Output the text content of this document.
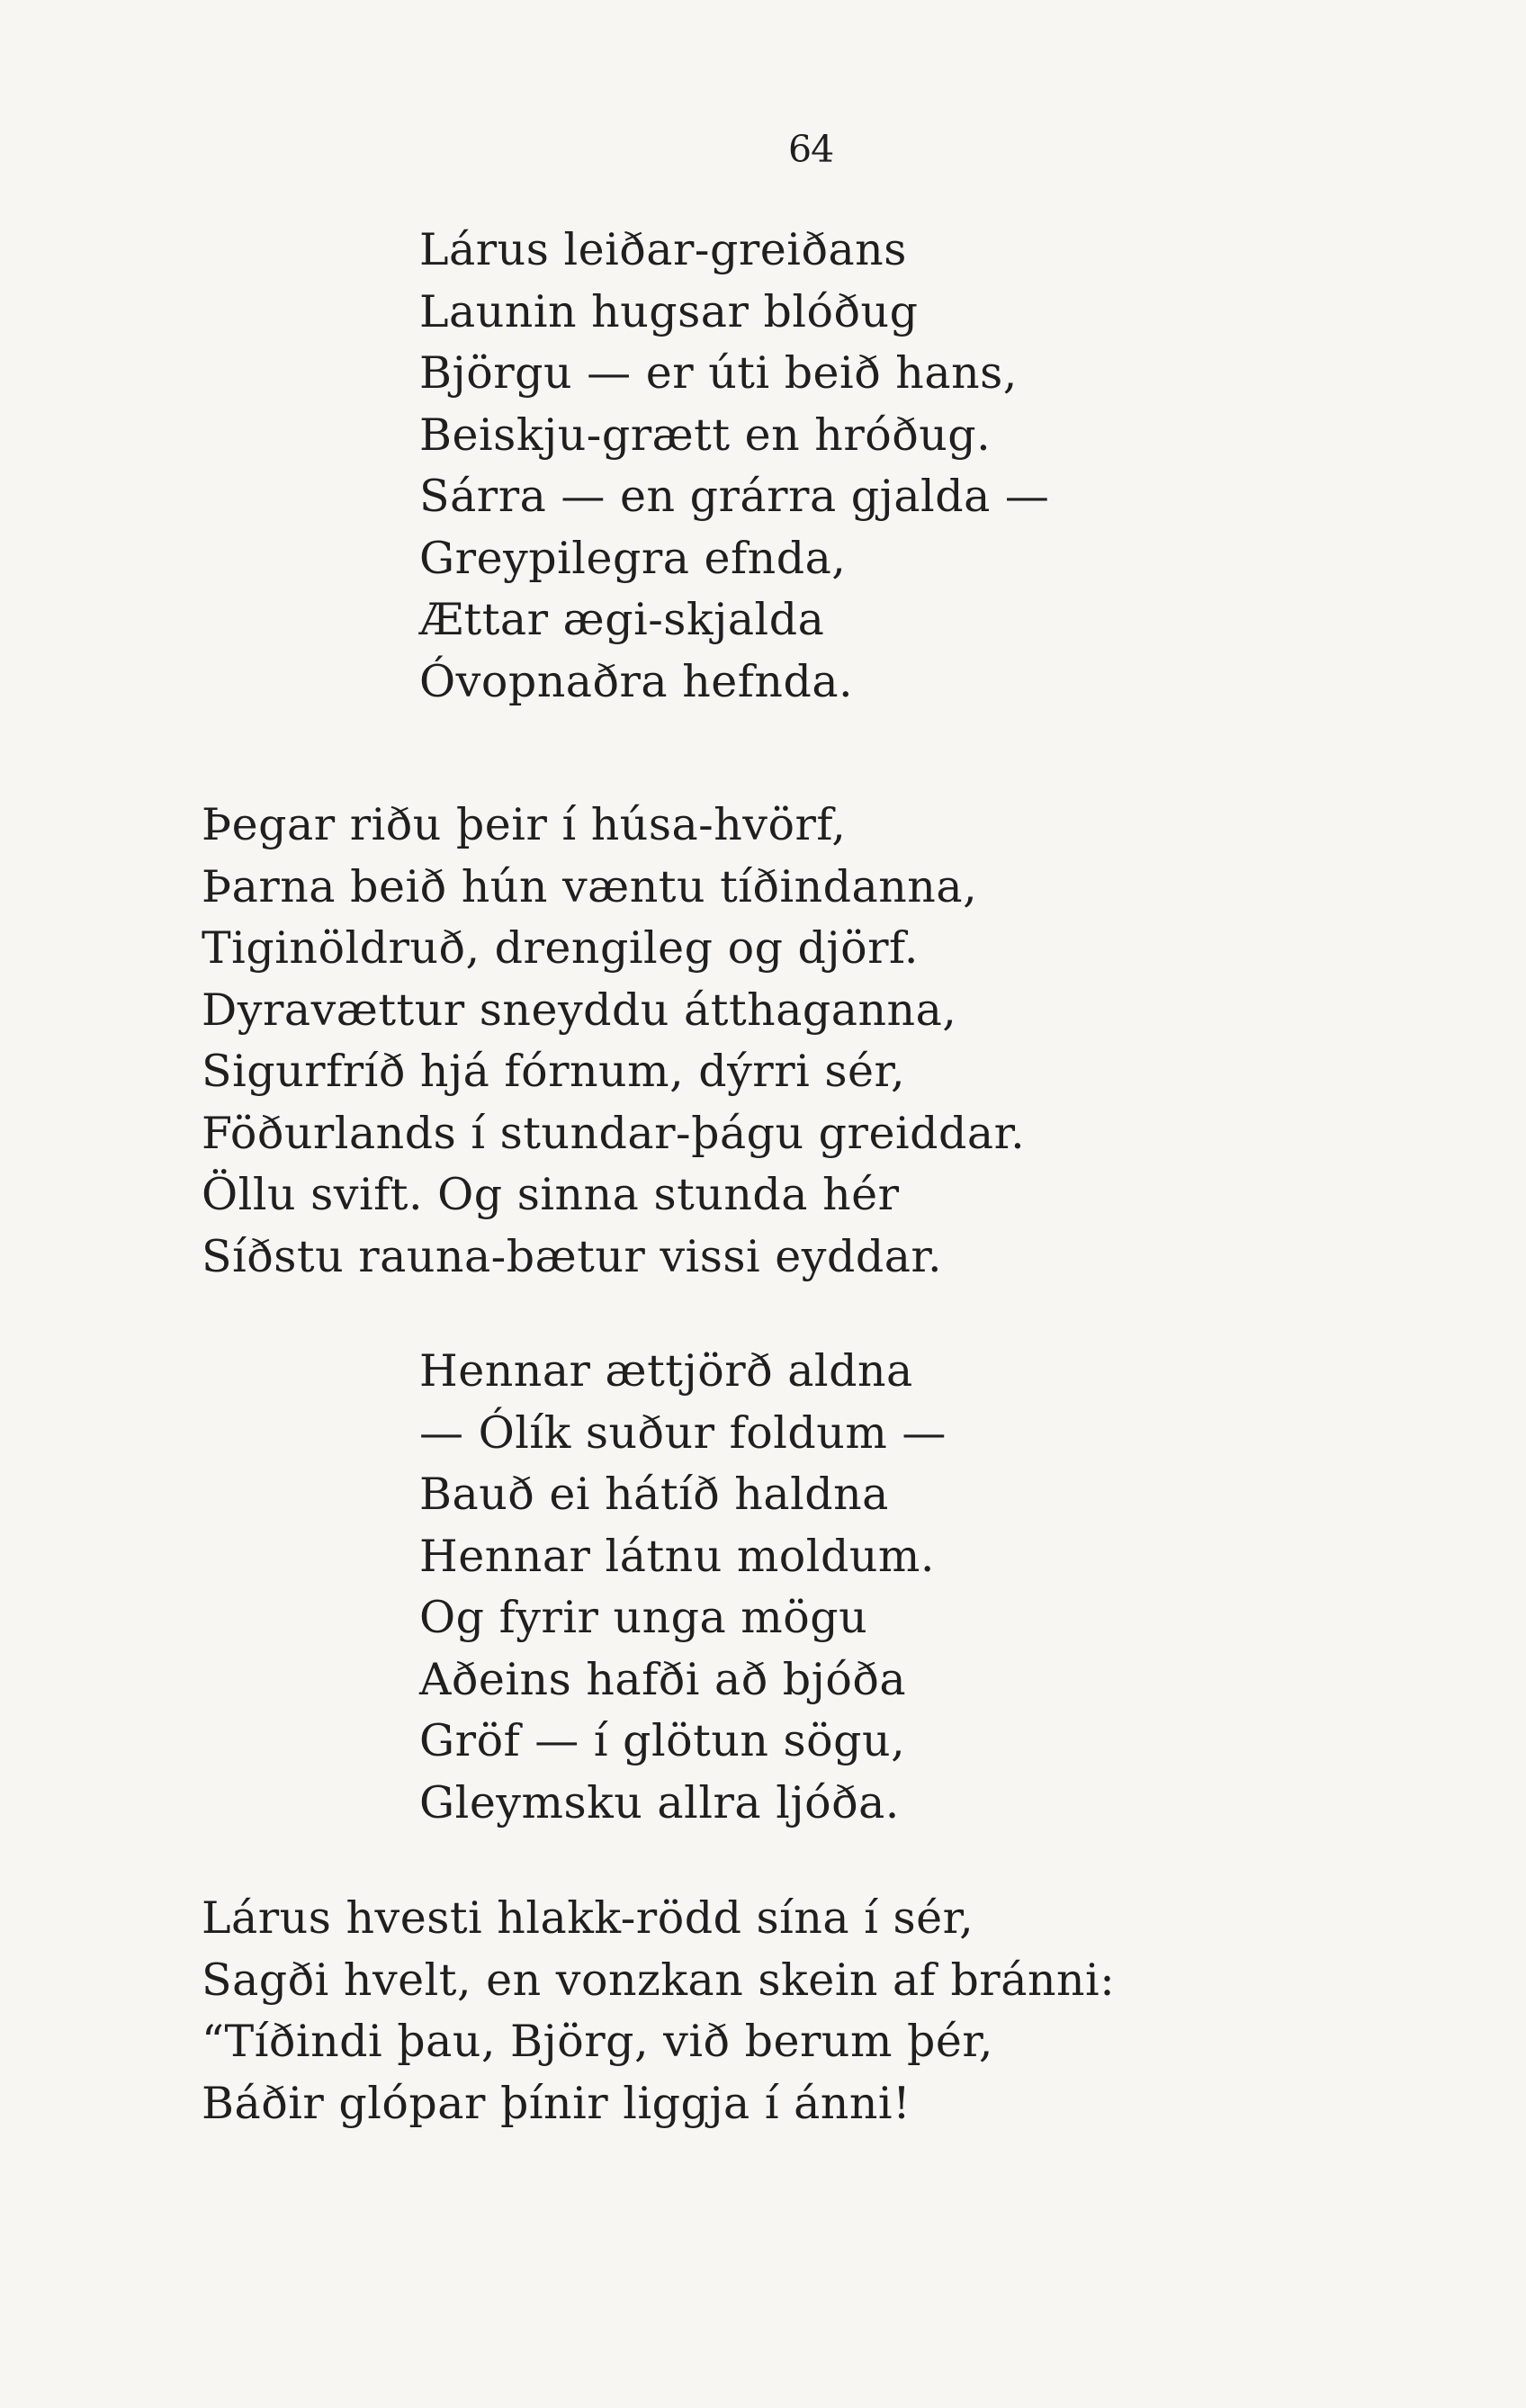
64
Lárus leiðar-greiðans
Launin hugsar blóðug
Björgu — er úti beið hans,
Beiskju-grætt en hróðug.
Sárra — en grárra gjalda —
Greypilegra efnda,
Ættar ægi-skjalda
Óvopnaðra hefnda.
Þegar riðu þeir í húsa-hvörf,
Þarna beið hún væntu tíðindanna,
Tiginöldruð, drengileg og djörf.
Dyravættur sneyddu átthaganna,
Sigurfríð hjá fórnum, dýrri sér,
Föðurlands í stundar-þágu greiddar.
Öllu svift. Og sinna stunda hér
Síðstu rauna-bætur vissi eyddar.
Hennar ættjörð aldna
— Ólík suður foldum —
Bauð ei hátíð haldna
Hennar látnu moldum.
Og fyrir unga mögu
Aðeins hafði að bjóða
Gröf — í glötun sögu,
Gleymsku allra ljóða.
Lárus hvesti hlakk-rödd sína í sér,
Sagði hvelt, en vonzkan skein af bránni:
“Tíðindi þau, Björg, við berum þér,
Báðir glópar þínir liggja í ánni!
